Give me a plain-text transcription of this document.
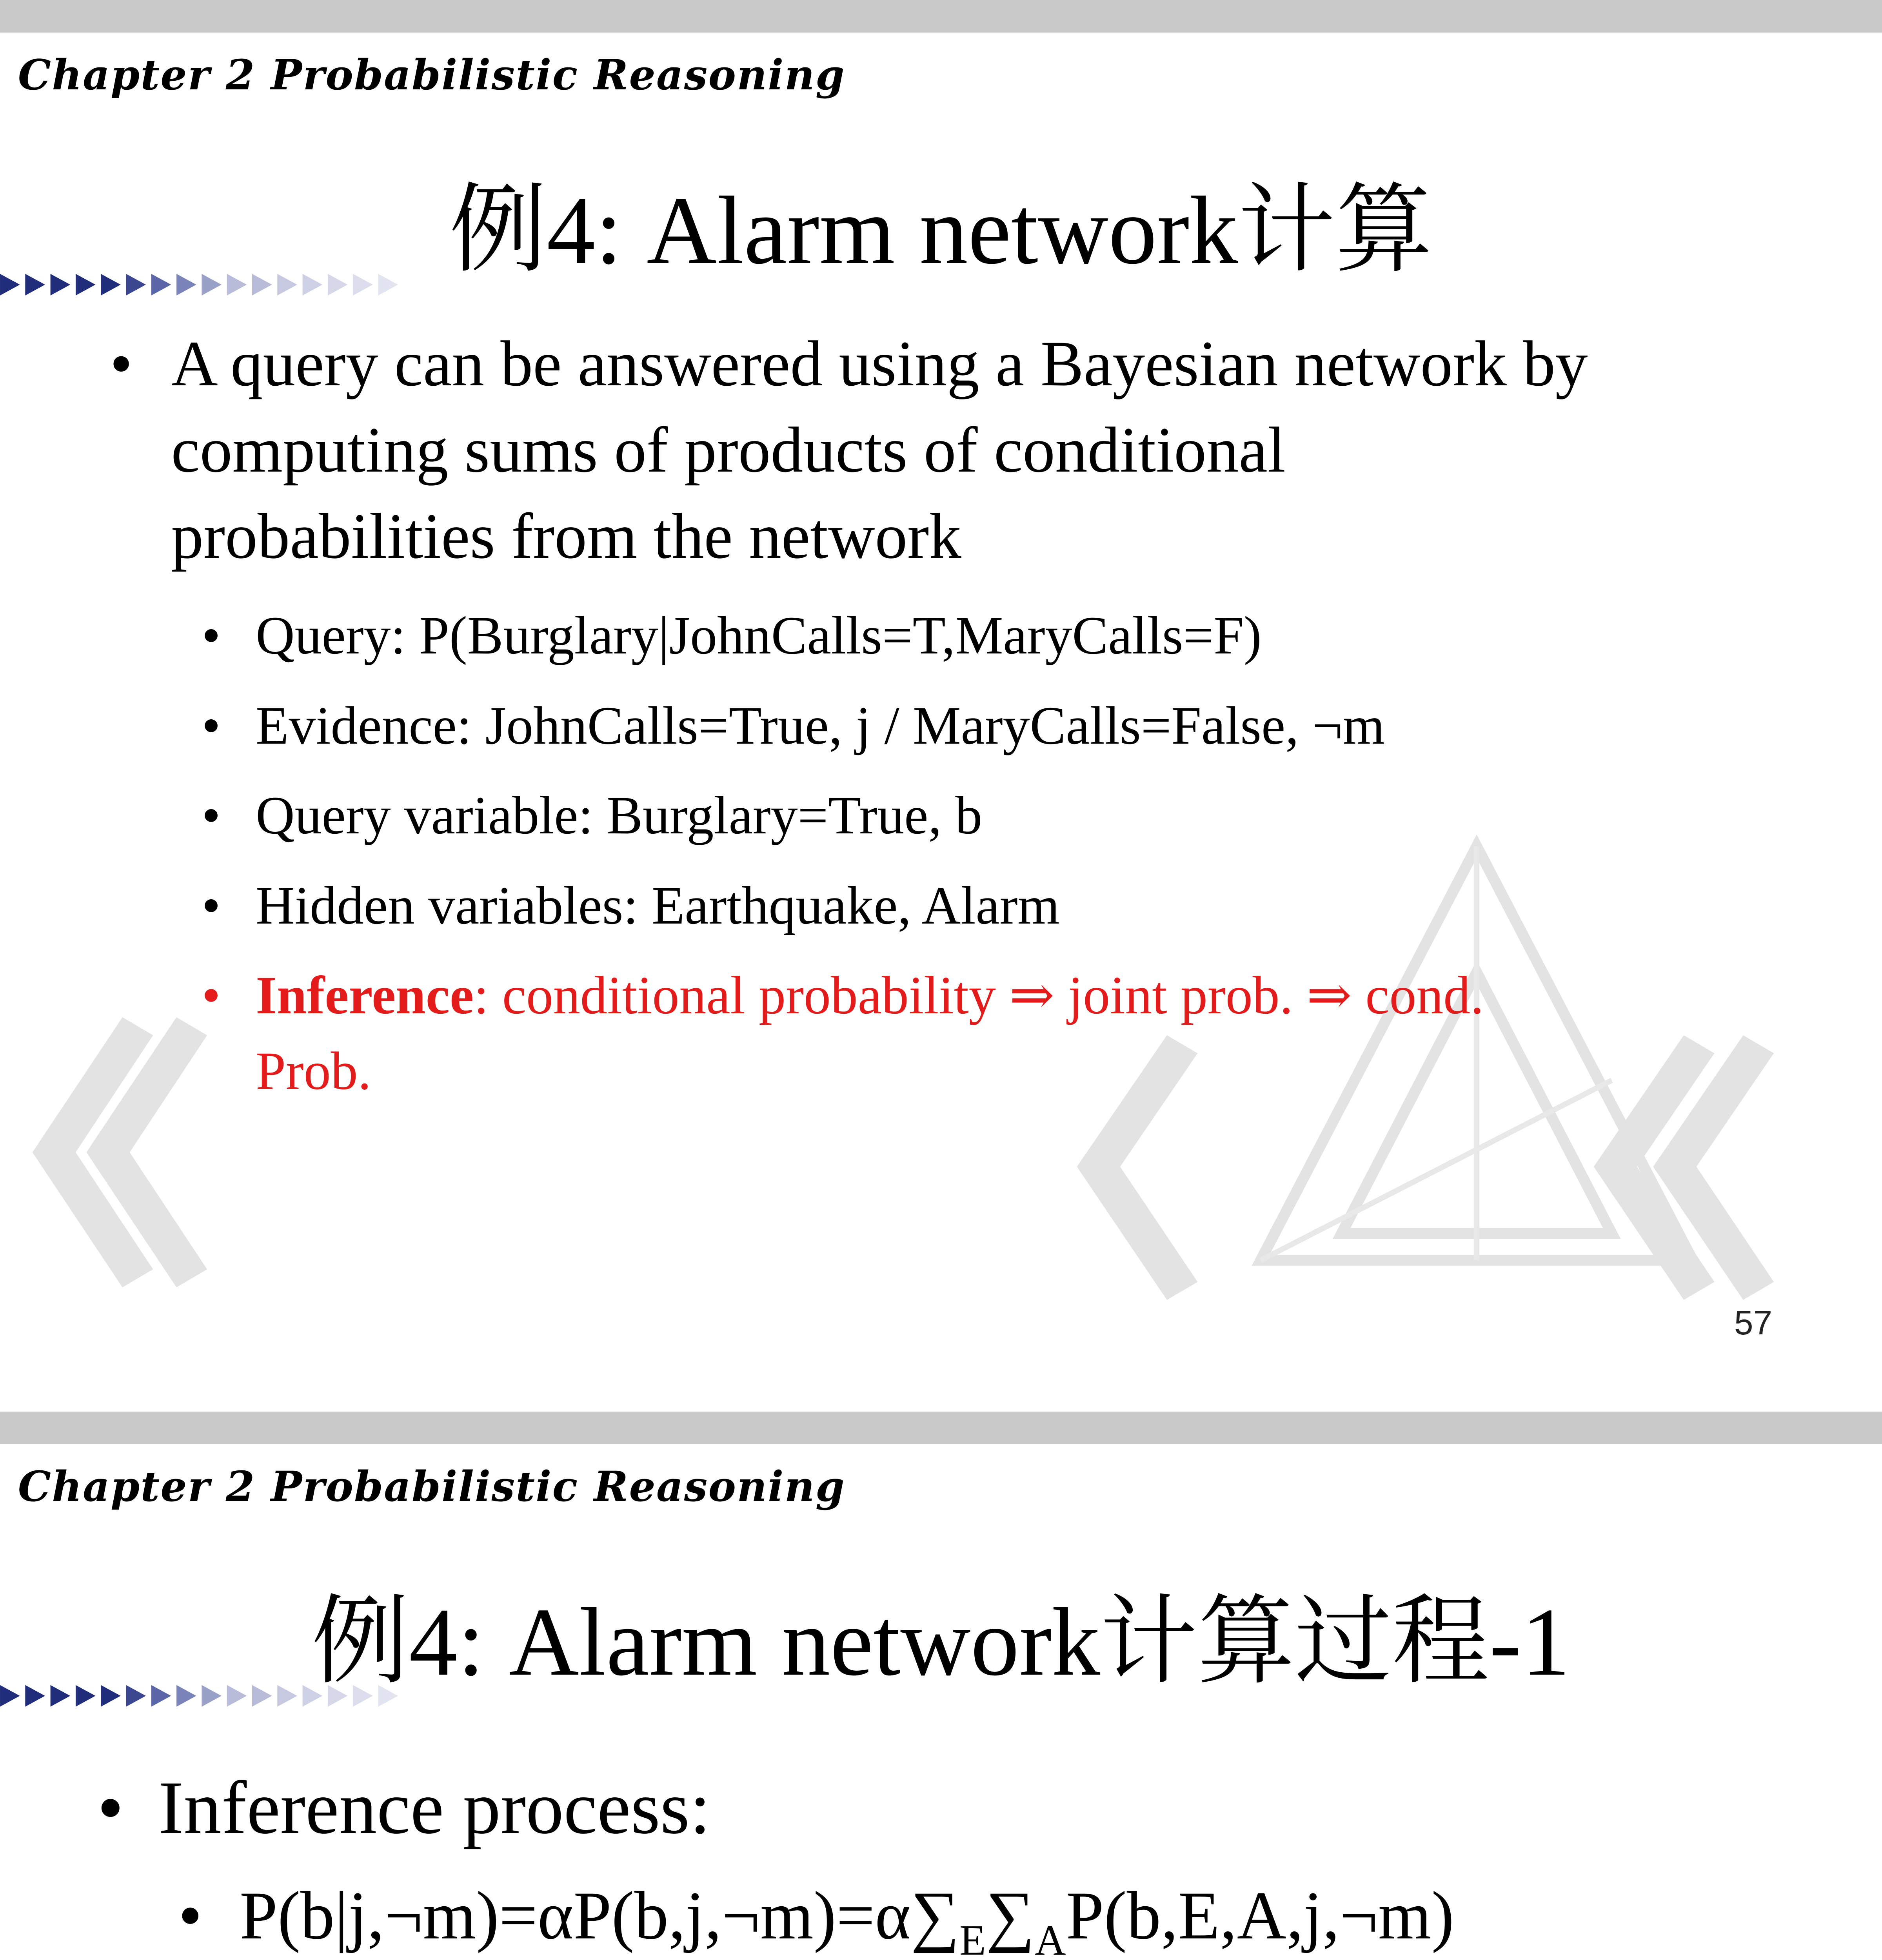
Chapter 2 Probabilistic Reasoning
例4: Alarm network计算
• A query can be answered using a Bayesian network by
computing sums of products of conditional
probabilities from the network
• Query: P(Burglary|JohnCalls=T,MaryCalls=F)
• Evidence: JohnCalls=True, j / MaryCalls=False, ¬m
• Query variable: Burglary=True, b
• Hidden variables: Earthquake, Alarm
• Inference: conditional probability ⇒ joint prob. ⇒ cond.
Prob.
57
Chapter 2 Probabilistic Reasoning
例4: Alarm network计算过程-1
• Inference process:
• $P(b|j,\neg m)=\alpha P(b,j,\neg m)=\alpha\sum_E\sum_AP(b,E,A,j,\neg m)$
